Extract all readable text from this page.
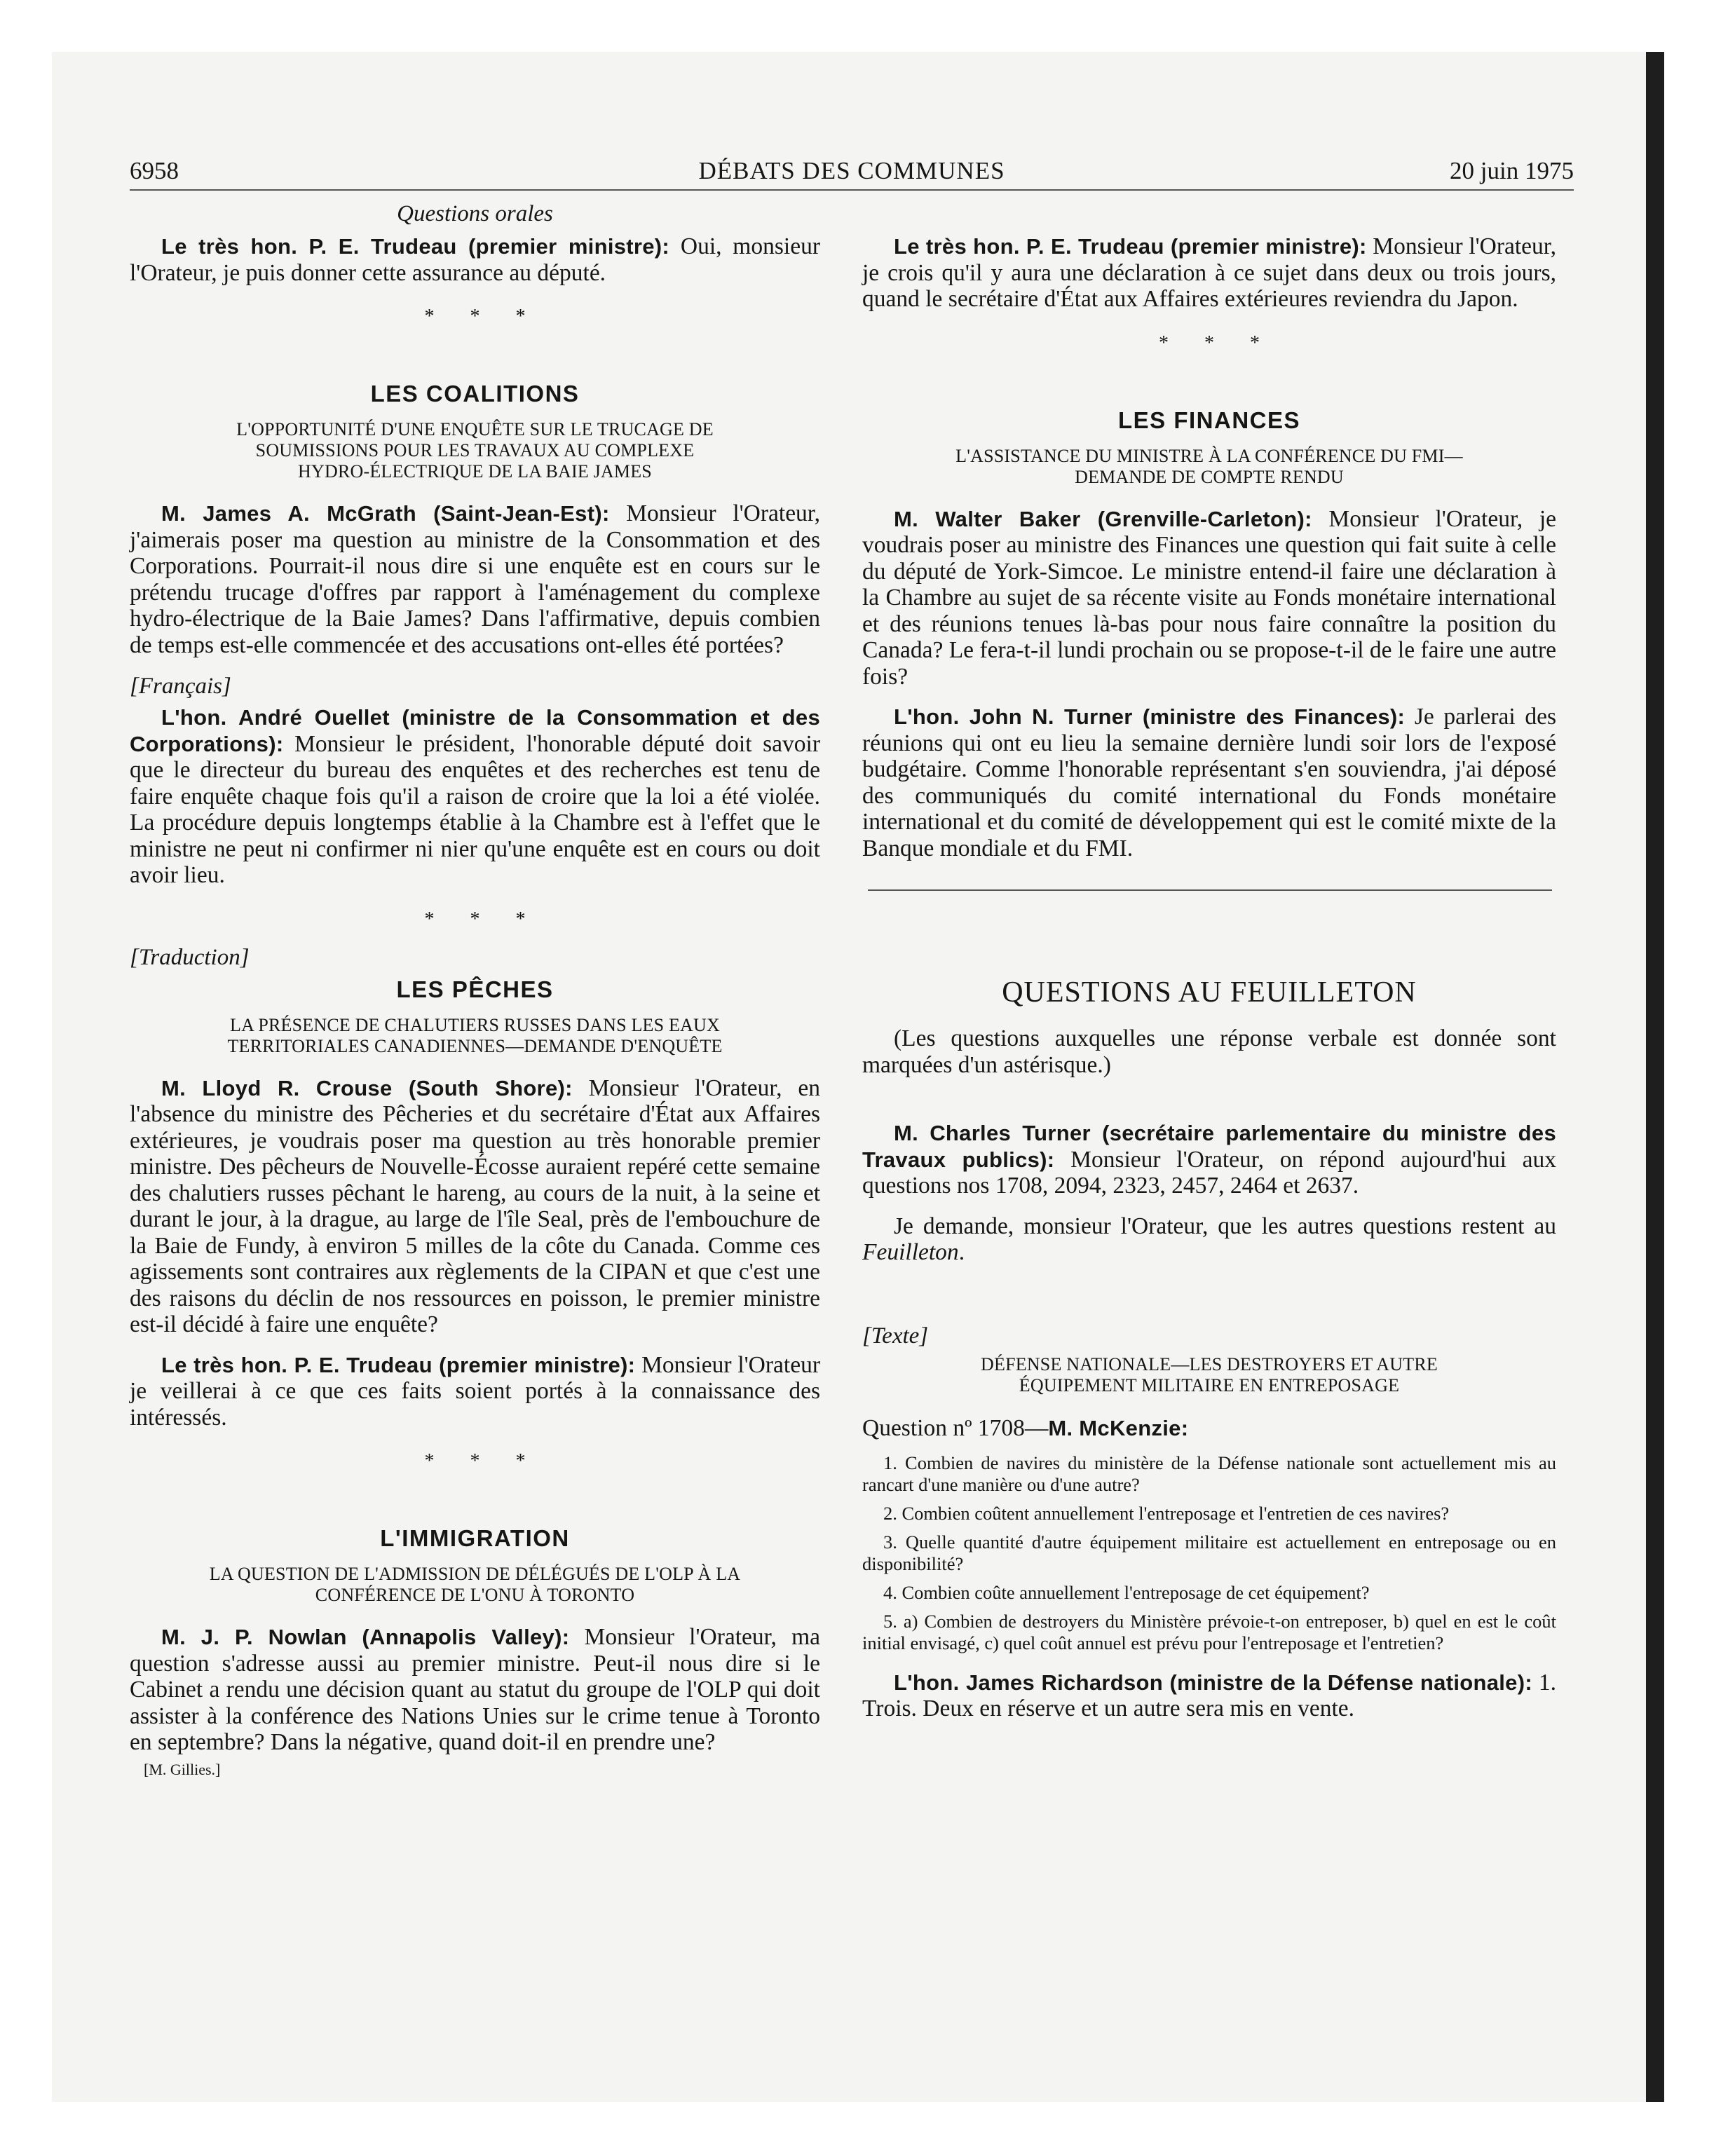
6958	DÉBATS DES COMMUNES	20 juin 1975

Questions orales

Le très hon. P. E. Trudeau (premier ministre): Oui, monsieur l'Orateur, je puis donner cette assurance au député.

* * *

LES COALITIONS

L'OPPORTUNITÉ D'UNE ENQUÊTE SUR LE TRUCAGE DE
SOUMISSIONS POUR LES TRAVAUX AU COMPLEXE
HYDRO-ÉLECTRIQUE DE LA BAIE JAMES

M. James A. McGrath (Saint-Jean-Est): Monsieur l'Orateur, j'aimerais poser ma question au ministre de la Consommation et des Corporations. Pourrait-il nous dire si une enquête est en cours sur le prétendu trucage d'offres par rapport à l'aménagement du complexe hydro-électrique de la Baie James? Dans l'affirmative, depuis combien de temps est-elle commencée et des accusations ont-elles été portées?

[Français]

L'hon. André Ouellet (ministre de la Consommation et des Corporations): Monsieur le président, l'honorable député doit savoir que le directeur du bureau des enquêtes et des recherches est tenu de faire enquête chaque fois qu'il a raison de croire que la loi a été violée. La procédure depuis longtemps établie à la Chambre est à l'effet que le ministre ne peut ni confirmer ni nier qu'une enquête est en cours ou doit avoir lieu.

* * *

[Traduction]

LES PÊCHES

LA PRÉSENCE DE CHALUTIERS RUSSES DANS LES EAUX
TERRITORIALES CANADIENNES—DEMANDE D'ENQUÊTE

M. Lloyd R. Crouse (South Shore): Monsieur l'Orateur, en l'absence du ministre des Pêcheries et du secrétaire d'État aux Affaires extérieures, je voudrais poser ma question au très honorable premier ministre. Des pêcheurs de Nouvelle-Écosse auraient repéré cette semaine des chalutiers russes pêchant le hareng, au cours de la nuit, à la seine et durant le jour, à la drague, au large de l'île Seal, près de l'embouchure de la Baie de Fundy, à environ 5 milles de la côte du Canada. Comme ces agissements sont contraires aux règlements de la CIPAN et que c'est une des raisons du déclin de nos ressources en poisson, le premier ministre est-il décidé à faire une enquête?

Le très hon. P. E. Trudeau (premier ministre): Monsieur l'Orateur je veillerai à ce que ces faits soient portés à la connaissance des intéressés.

* * *

L'IMMIGRATION

LA QUESTION DE L'ADMISSION DE DÉLÉGUÉS DE L'OLP À LA
CONFÉRENCE DE L'ONU À TORONTO

M. J. P. Nowlan (Annapolis Valley): Monsieur l'Orateur, ma question s'adresse aussi au premier ministre. Peut-il nous dire si le Cabinet a rendu une décision quant au statut du groupe de l'OLP qui doit assister à la conférence des Nations Unies sur le crime tenue à Toronto en septembre? Dans la négative, quand doit-il en prendre une?

[M. Gillies.]

Le très hon. P. E. Trudeau (premier ministre): Monsieur l'Orateur, je crois qu'il y aura une déclaration à ce sujet dans deux ou trois jours, quand le secrétaire d'État aux Affaires extérieures reviendra du Japon.

* * *

LES FINANCES

L'ASSISTANCE DU MINISTRE À LA CONFÉRENCE DU FMI—
DEMANDE DE COMPTE RENDU

M. Walter Baker (Grenville-Carleton): Monsieur l'Orateur, je voudrais poser au ministre des Finances une question qui fait suite à celle du député de York-Simcoe. Le ministre entend-il faire une déclaration à la Chambre au sujet de sa récente visite au Fonds monétaire international et des réunions tenues là-bas pour nous faire connaître la position du Canada? Le fera-t-il lundi prochain ou se propose-t-il de le faire une autre fois?

L'hon. John N. Turner (ministre des Finances): Je parlerai des réunions qui ont eu lieu la semaine dernière lundi soir lors de l'exposé budgétaire. Comme l'honorable représentant s'en souviendra, j'ai déposé des communiqués du comité international du Fonds monétaire international et du comité de développement qui est le comité mixte de la Banque mondiale et du FMI.

QUESTIONS AU FEUILLETON

(Les questions auxquelles une réponse verbale est donnée sont marquées d'un astérisque.)

M. Charles Turner (secrétaire parlementaire du ministre des Travaux publics): Monsieur l'Orateur, on répond aujourd'hui aux questions nos 1708, 2094, 2323, 2457, 2464 et 2637.

Je demande, monsieur l'Orateur, que les autres questions restent au Feuilleton.

[Texte]

DÉFENSE NATIONALE—LES DESTROYERS ET AUTRE
ÉQUIPEMENT MILITAIRE EN ENTREPOSAGE

Question nº 1708—M. McKenzie:

1. Combien de navires du ministère de la Défense nationale sont actuellement mis au rancart d'une manière ou d'une autre?

2. Combien coûtent annuellement l'entreposage et l'entretien de ces navires?

3. Quelle quantité d'autre équipement militaire est actuellement en entreposage ou en disponibilité?

4. Combien coûte annuellement l'entreposage de cet équipement?

5. a) Combien de destroyers du Ministère prévoie-t-on entreposer, b) quel en est le coût initial envisagé, c) quel coût annuel est prévu pour l'entreposage et l'entretien?

L'hon. James Richardson (ministre de la Défense nationale): 1. Trois. Deux en réserve et un autre sera mis en vente.
